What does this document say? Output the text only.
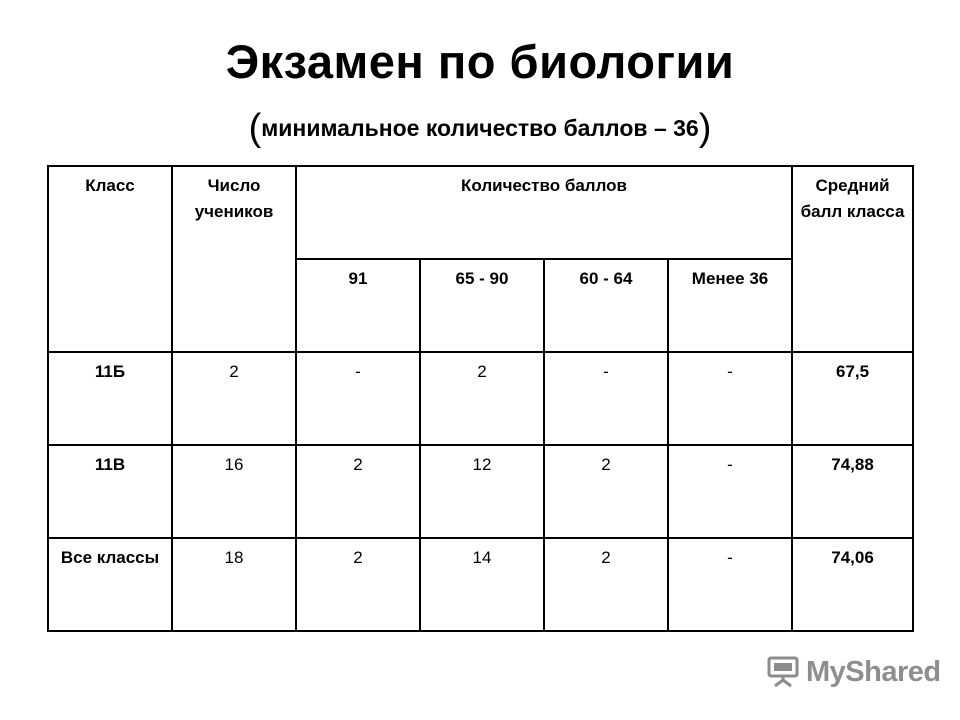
Экзамен по биологии
(минимальное количество баллов – 36)
Класс	Число учеников	Количество баллов				Средний балл класса
		91	65 - 90	60 - 64	Менее 36	
11Б	2	-	2	-	-	67,5
11В	16	2	12	2	-	74,88
Все классы	18	2	14	2	-	74,06
MyShared
